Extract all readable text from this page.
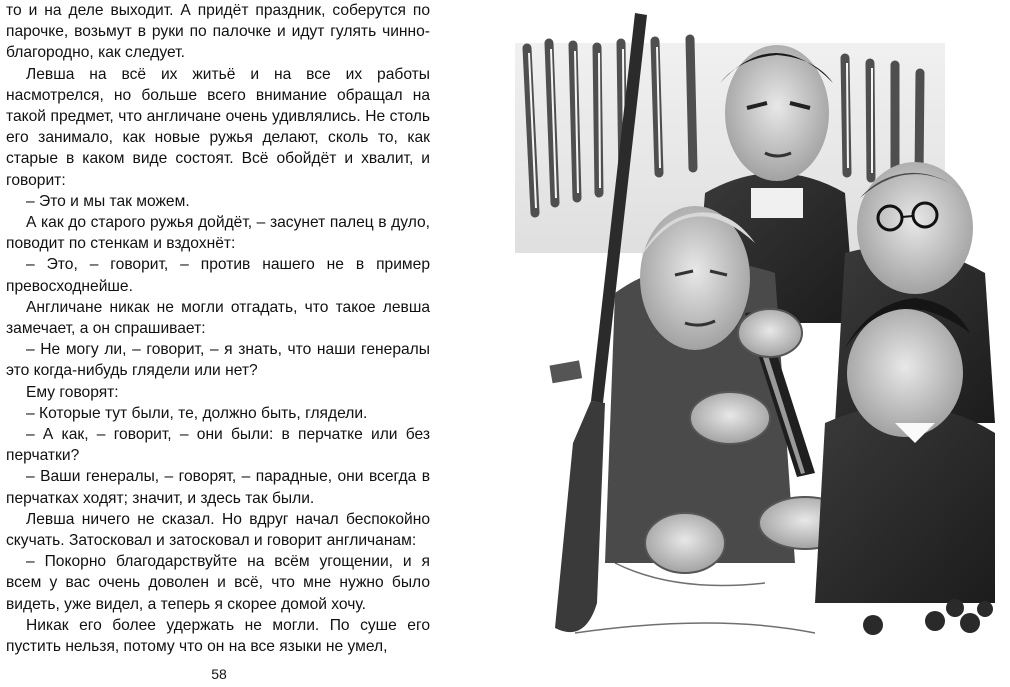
то и на деле выходит. А придёт праздник, соберутся по парочке, возьмут в руки по палочке и идут гулять чинно-благородно, как следует.

Левша на всё их житьё и на все их работы насмотрелся, но больше всего внимание обращал на такой предмет, что англичане очень удивлялись. Не столь его занимало, как новые ружья делают, сколь то, как старые в каком виде состоят. Всё обойдёт и хвалит, и говорит:

– Это и мы так можем.

А как до старого ружья дойдёт, – засунет палец в дуло, поводит по стенкам и вздохнёт:

– Это, – говорит, – против нашего не в пример превосходнейше.

Англичане никак не могли отгадать, что такое левша замечает, а он спрашивает:

– Не могу ли, – говорит, – я знать, что наши генералы это когда-нибудь глядели или нет?

Ему говорят:

– Которые тут были, те, должно быть, глядели.

– А как, – говорит, – они были: в перчатке или без перчатки?

– Ваши генералы, – говорят, – парадные, они всегда в перчатках ходят; значит, и здесь так были.

Левша ничего не сказал. Но вдруг начал беспокойно скучать. Затосковал и затосковал и говорит англичанам:

– Покорно благодарствуйте на всём угощении, и я всем у вас очень доволен и всё, что мне нужно было видеть, уже видел, а теперь я скорее домой хочу.

Никак его более удержать не могли. По суше его пустить нельзя, потому что он на все языки не умел,

58
